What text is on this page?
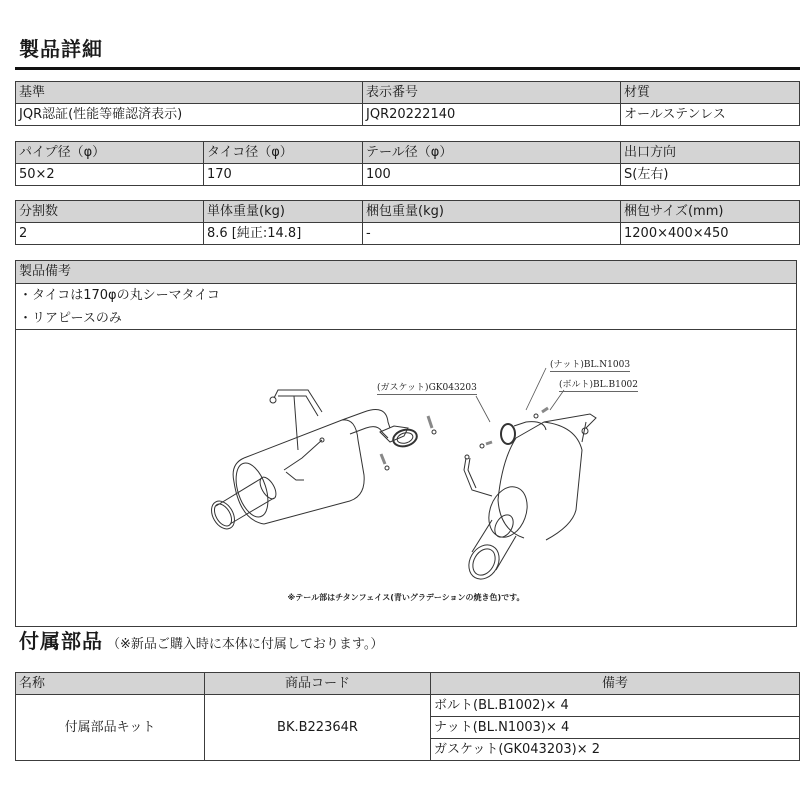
製品詳細
基準	表示番号	材質
JQR認証(性能等確認済表示)	JQR20222140	オールステンレス
パイプ径（φ）	タイコ径（φ）	テール径（φ）	出口方向
50×2	170	100	S(左右)
分割数	単体重量(kg)	梱包重量(kg)	梱包サイズ(mm)
2	8.6 [純正:14.8]	-	1200×400×450
製品備考
・タイコは170φの丸シーマタイコ
・リアピースのみ
(ガスケット)GK043203
(ナット)BL.N1003
(ボルト)BL.B1002
※テール部はチタンフェイス(青いグラデーションの焼き色)です。
付属部品 （※新品ご購入時に本体に付属しております。）
名称	商品コード	備考
付属部品キット	BK.B22364R	ボルト(BL.B1002)× 4
		ナット(BL.N1003)× 4
		ガスケット(GK043203)× 2
